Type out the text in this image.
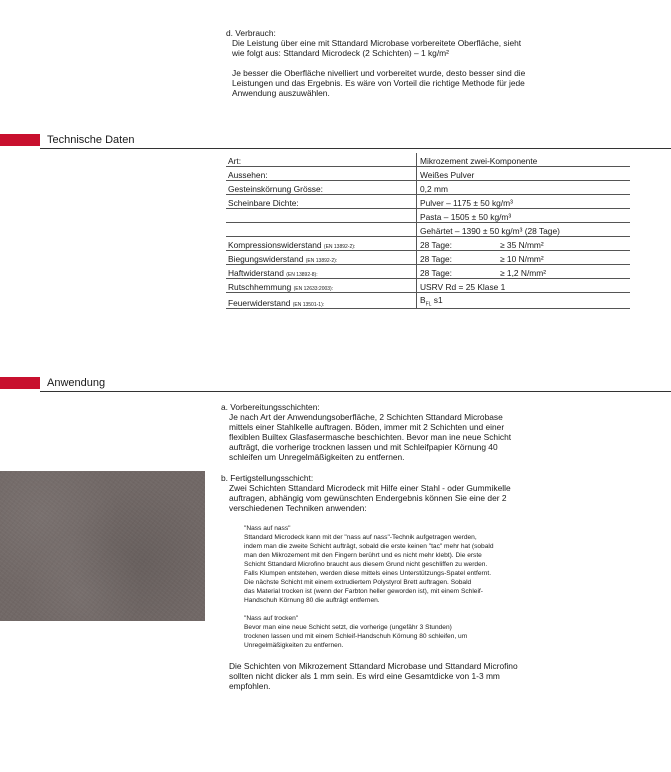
d. Verbrauch:

Die Leistung über eine mit Sttandard Microbase vorbereitete Oberfläche, sieht

wie folgt aus: Sttandard Microdeck (2 Schichten) – 1 kg/m²

Je besser die Oberfläche nivelliert und vorbereitet wurde, desto besser sind die

Leistungen und das Ergebnis. Es wäre von Vorteil die richtige Methode für jede

Anwendung auszuwählen.

Technische Daten

Art:	Mikrozement zwei-Komponente
Aussehen:	Weißes Pulver
Gesteinskörnung Grösse:	0,2 mm
Scheinbare Dichte:	Pulver – 1175 ± 50 kg/m³
	Pasta – 1505 ± 50 kg/m³
	Gehärtet – 1390 ± 50 kg/m³ (28 Tage)
Kompressionswiderstand (EN 13892-2):	28 Tage: ≥ 35 N/mm²
Biegungswiderstand (EN 13892-2):	28 Tage: ≥ 10 N/mm²
Haftwiderstand (EN 13892-8):	28 Tage: ≥ 1,2 N/mm²
Rutschhemmung (EN 12633:2003):	USRV Rd = 25 Klase 1
Feuerwiderstand (EN 13501-1):	$B_{FL}$ s1

Anwendung

a. Vorbereitungsschichten:

Je nach Art der Anwendungsoberfläche, 2 Schichten Sttandard Microbase

mittels einer Stahlkelle auftragen. Böden, immer mit 2 Schichten und einer

flexiblen Builtex Glasfasermasche beschichten. Bevor man ine neue Schicht

aufträgt, die vorherige trocknen lassen und mit Schleifpapier Körnung 40

schleifen um Unregelmäßigkeiten zu entfernen.

b. Fertigstellungsschicht:

Zwei Schichten Sttandard Microdeck mit Hilfe einer Stahl - oder Gummikelle

auftragen, abhängig vom gewünschten Endergebnis können Sie eine der 2

verschiedenen Techniken anwenden:

"Nass auf nass"

Sttandard Microdeck kann mit der "nass auf nass"-Technik aufgetragen werden,

indem man die zweite Schicht aufträgt, sobald die erste keinen "tac" mehr hat (sobald

man den Mikrozement mit den Fingern berührt und es nicht mehr klebt). Die erste

Schicht Sttandard Microfino braucht aus diesem Grund nicht geschliffen zu werden.

Falls Klumpen entstehen, werden diese mittels eines Unterstützungs-Spatel entfernt.

Die nächste Schicht mit einem extrudiertem Polystyrol Brett auftragen. Sobald

das Material trocken ist (wenn der Farbton heller geworden ist), mit einem Schleif-

Handschuh Körnung 80 die aufträgt entfernen.

"Nass auf trocken"

Bevor man eine neue Schicht setzt, die vorherige (ungefähr 3 Stunden)

trocknen lassen und mit einem Schleif-Handschuh Körnung 80 schleifen, um

Unregelmäßigkeiten zu entfernen.

Die Schichten von Mikrozement Sttandard Microbase und Sttandard Microfino

sollten nicht dicker als 1 mm sein. Es wird eine Gesamtdicke von 1-3 mm

empfohlen.
